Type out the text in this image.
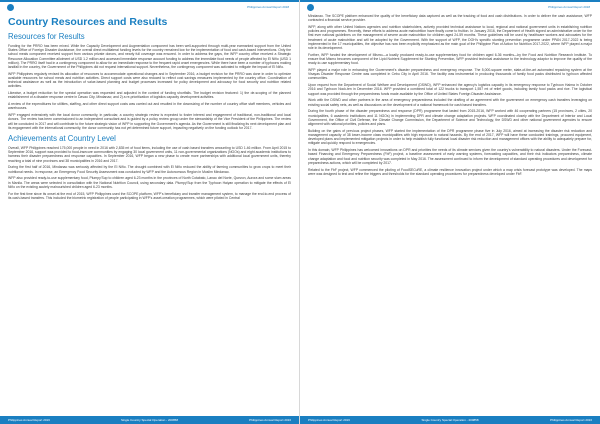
Philippines Annual Report 2018
Country Resources and Results
Resources for Results

Funding for the PRRO has been mixed. While the Capacity Development and Augmentation component has been well-supported through multi-year earmarked support from the United States Office of Foreign Disaster Assistance, the overall direct multilateral funding levels for the country remained low for the implementation of food and cash-based interventions. Only the school meals component received support from various private donors, and nearly full coverage was ensured. In order to address the gaps, the WFP country office received a Strategic Resource Allocation Committee allotment of USD 1.2 million and accessed immediate response account funding to address the immediate food needs of people affected by El Niño (USD 1 million). The PRRO itself had in a contingency component to allow for an immediate response to the frequent rapid onset emergencies. While there have been a number of typhoons making landfall in the country, the Government of the Philippines did not request international support. Nevertheless, the contingency component was activated to mitigate the impact of El Niño.

WFP Philippines regularly revised its allocation of resources to accommodate operational changes and in September 2016, a budget revision for the PRRO was done in order to optimize available resources for school meals and nutrition activities. Direct support costs were also reduced to reflect cost savings measures implemented by the country office. Coordination of technical assistance as well as the introduction of value-based planning and budget processes increased for policy development and advocacy for food security and nutrition related activities.

Likewise, a budget reduction for the special operation was requested and adjusted in the context of funding shortfalls. The budget revision featured: 1) the de-scoping of the planned establishment of a disaster response centre in Davao City, Mindanao; and 2) a re-prioritization of logistics capacity development activities.

A review of the expenditures for utilities, staffing, and other direct support costs was carried out and resulted in the downsizing of the number of country office staff members, vehicles and warehouses.

WFP engaged extensively with the local donor community, in particular, a country strategic review is expected to foster interest and engagement of traditional, non-traditional and local donors. The review has been commissioned to an independent consultant and is guided by a policy review group under the stewardship of the Vice President of the Philippines. The review will be concluded in 2017 and will contribute to the future strategic vision of WFP in supporting the Government's agenda. As the Government is still finalizing its next development plan and its engagement with the international community, the donor community has not yet determined future support, impacting negatively on the funding outlook for 2017.

Achievements at Country Level

Overall, WFP Philippines reached 175,000 people in need in 2016 with 2,835 mt of food items, including the use of cash based transfers amounting to USD 1.46 million. From April 2015 to September 2016, support was provided to food-insecure communities by engaging 30 local government units, 11 non-governmental organizations (NGOs) and eight academic institutions to harness their disaster preparedness and response capacities. In September 2016, WFP began a new phase to create more partnerships with additional local government units, thereby reaching a total of nine provinces and 38 municipalities in 2016 and 2017.

During the first half of 2016, Mindanao was seriously affected by the El Niño. The drought combined with El Niño reduced the ability of farming communities to grow crops to meet their nutritional needs. In response, an Emergency Food Security Assessment was conducted by WFP and the Autonomous Region in Muslim Mindanao.

WFP also provided ready-to-use supplementary food, Plumpy'Sup to children aged 6-23 months in the provinces of North Cotabato, Lanao del Norte, Quezon, Aurora and some slum areas in Manila. The areas were selected in consultation with the National Nutrition Council, using secondary data. Plumpy'Sup from the Typhoon Haiyan operation to mitigate the effects of El Niño on the existing acutely malnourished children aged 6-23 months.

For the first time since its onset at the end of 2015, WFP Philippines used the SCOPE platform, WFP's beneficiary and transfer management system, to manage the end-to-end process of its cash-based transfers. This included the biometric registration of people participating in WFP's asset-creation programmes, which were piloted in Central

Philippines Annual Report 2016	Single Country Special Operation - 200858	Philippines Annual Report 2016
Philippines Annual Report 2018

Mindanao. The SCOPE platform enhanced the quality of the beneficiary data captured as well as the tracking of food and cash distributions. In order to deliver the cash assistance, WFP contracted a financial service provider.

WFP, along with other United Nations agencies and nutrition stakeholders, actively provided technical assistance to local, regional and national government units in establishing nutrition policies and programmes. Recently, these efforts to address acute malnutrition have finally come to fruition. In January 2016, the Department of Health signed an administrative order for the first ever national guidelines on the management of severe acute malnutrition for children aged 24-59 months. These guidelines will be used by healthcare workers and advocates for the treatment of acute malnutrition and will be adopted by the Government. With the support of WFP, the DOH's specific stunting prevention programme under PPAN 2017-2022 is being implemented in the 17 municipalities, the objective has now been explicitly emphasized as the main goal of the Philippine Plan of Action for Nutrition 2017-2022, where WFP played a major role in its development.

Further, WFP funded the development of Mismo—a locally produced ready-to-use supplementary food for children aged 6-36 months—by the Food and Nutrition Research Institute. To ensure that Mismo becomes component of the Lipid Nutrient Supplement for Stunting Prevention, WFP provided technical assistance to the technology adaptor to improve the quality of the ready-to-use supplementary food.

WFP played a major role in enhancing the Government's disaster preparedness and emergency response. The 5,000-square meter, state-of-the-art automated repacking system at the Visayas Disaster Response Centre was completed in Cebu City in April 2016. The facility was instrumental in producing thousands of family food packs distributed to typhoon affected communities.

Upon request from the Department of Social Welfare and Development (DSWD), WFP enhanced the agency's logistics capacity in its emergency response to Typhoon Haima in October 2016 and Typhoon Nock-ten in December 2016. WFP provided a combined total of 122 trucks to transport 1,557 mt of relief goods, including family food packs and rice. The logistical support was provided through the preparedness funds made available by the Office of United States Foreign Disaster Assistance.

Work with the DSWD and other partners in the area of emergency preparedness included the drafting of an agreement with the government on emergency cash transfers leveraging on existing social safety nets, as well as discussions on the development of a national framework for cash based transfers.

During the fourth phase of the disaster preparedness and response (DPR) programme that lasted from 2015-2016, WFP worked with 46 cooperating partners (15 provinces, 2 cities, 20 municipalities, 6 academic institutions and 11 NGOs) in implementing DPR and climate change adaptation projects. WFP coordinated closely with the Department of Interior and Local Government, the Office of Civil Defense, the Climate Change Commission, the Department of Science and Technology, the DSWD and other national government agencies to ensure alignment with national priorities, policies and plans.

Building on the gains of previous project phases, WFP started the implementation of the DPR programme phase five in July 2016, aimed at increasing the disaster risk reduction and management capacity of 38 lower-income class municipalities with high exposure to natural hazards. By the end of 2017, WFP will have these conducted trainings, procured equipment, developed plans and implemented mitigation projects in order to help establish fully functional local disaster risk reduction and management offices with the ability to adequately prepare for, mitigate and quickly respond to emergencies.

In this domain, WFP Philippines has welcomed innovations on DPR and priorities the needs of its climate services given the country's vulnerability to natural disasters. Under the Forecast-based Financing and Emergency Preparedness (FbF) project, a baseline assessment of early warning systems, forecasting capacities, and their risk indicators preparedness, climate change adaptation and food and nutrition security was completed in May 2016. The assessment continued to inform the development of standard operating procedures and development for preparedness actions, which will be completed by 2017.

Related to the FbF project, WFP commenced the piloting of FoodSECuRE, a climate resilience innovation project under which a map crisis forecast prototype was developed. The maps were was designed to test and refine the triggers and thresholds for the standard operating procedures for preparedness developed under FbF.

Philippines Annual Report 2016	Single Country Special Operation - 200858	Philippines Annual Report 2016
